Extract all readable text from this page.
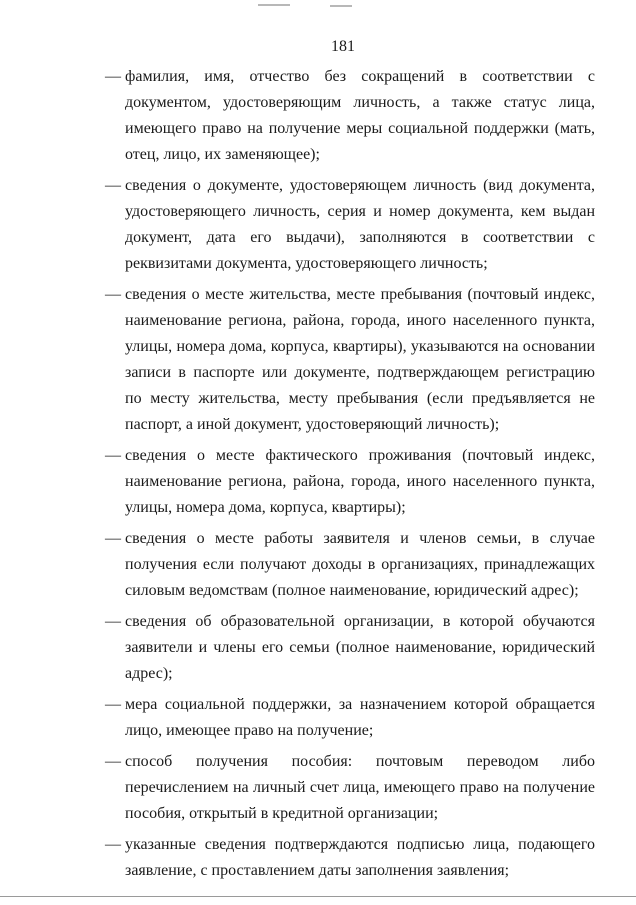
181
— фамилия, имя, отчество без сокращений в соответствии с документом, удостоверяющим личность, а также статус лица, имеющего право на получение меры социальной поддержки (мать, отец, лицо, их заменяющее);
— сведения о документе, удостоверяющем личность (вид документа, удостоверяющего личность, серия и номер документа, кем выдан документ, дата его выдачи), заполняются в соответствии с реквизитами документа, удостоверяющего личность;
— сведения о месте жительства, месте пребывания (почтовый индекс, наименование региона, района, города, иного населенного пункта, улицы, номера дома, корпуса, квартиры), указываются на основании записи в паспорте или документе, подтверждающем регистрацию по месту жительства, месту пребывания (если предъявляется не паспорт, а иной документ, удостоверяющий личность);
— сведения о месте фактического проживания (почтовый индекс, наименование региона, района, города, иного населенного пункта, улицы, номера дома, корпуса, квартиры);
— сведения о месте работы заявителя и членов семьи, в случае получения если получают доходы в организациях, принадлежащих силовым ведомствам (полное наименование, юридический адрес);
— сведения об образовательной организации, в которой обучаются заявители и члены его семьи (полное наименование, юридический адрес);
— мера социальной поддержки, за назначением которой обращается лицо, имеющее право на получение;
— способ получения пособия: почтовым переводом либо перечислением на личный счет лица, имеющего право на получение пособия, открытый в кредитной организации;
— указанные сведения подтверждаются подписью лица, подающего заявление, с проставлением даты заполнения заявления;
